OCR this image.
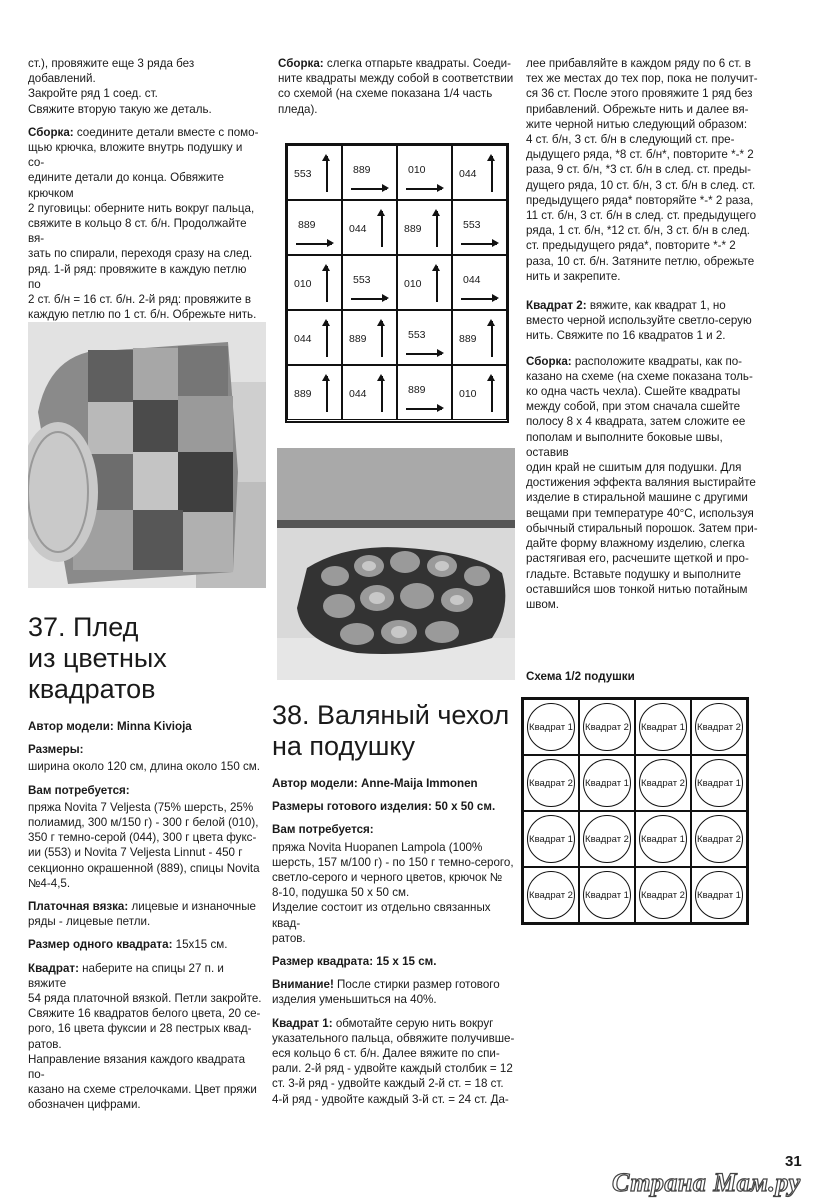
ст.), провяжите еще 3 ряда без добавлений.
Закройте ряд 1 соед. ст.
Свяжите вторую такую же деталь.

Сборка: соедините детали вместе с помо-
щью крючка, вложите внутрь подушку и со-
едините детали до конца. Обвяжите крючком
2 пуговицы: оберните нить вокруг пальца,
свяжите в кольцо 8 ст. б/н. Продолжайте вя-
зать по спирали, переходя сразу на след.
ряд. 1-й ряд: провяжите в каждую петлю по
2 ст. б/н = 16 ст. б/н. 2-й ряд: провяжите в
каждую петлю по 1 ст. б/н. Обрежьте нить.

37. Плед
из цветных
квадратов

Автор модели: Minna Kivioja

Размеры:

ширина около 120 см, длина около 150 см.

Вам потребуется:

пряжа Novita 7 Veljesta (75% шерсть, 25%
полиамид, 300 м/150 г) - 300 г белой (010),
350 г темно-серой (044), 300 г цвета фукс-
ии (553) и Novita 7 Veljesta Linnut - 450 г
секционно окрашенной (889), спицы Novita
№4-4,5.

Платочная вязка: лицевые и изнаночные
ряды - лицевые петли.

Размер одного квадрата: 15х15 см.

Квадрат: наберите на спицы 27 п. и вяжите
54 ряда платочной вязкой. Петли закройте.
Свяжите 16 квадратов белого цвета, 20 се-
рого, 16 цвета фуксии и 28 пестрых квад-
ратов.
Направление вязания каждого квадрата по-
казано на схеме стрелочками. Цвет пряжи
обозначен цифрами.

Сборка: слегка отпарьте квадраты. Соеди-
ните квадраты между собой в соответствии
со схемой (на схеме показана 1/4 часть
пледа).

553	889	010	044
889	044	889	553
010	553	010	044
044	889	553	889
889	044	889	010
38. Валяный чехол
на подушку

Автор модели: Anne-Maija Immonen

Размеры готового изделия: 50 х 50 см.

Вам потребуется:

пряжа Novita Huopanen Lampola (100%
шерсть, 157 м/100 г) - по 150 г темно-серого,
светло-серого и черного цветов, крючок №
8-10, подушка 50 х 50 см.
Изделие состоит из отдельно связанных квад-
ратов.

Размер квадрата: 15 х 15 см.

Внимание! После стирки размер готового
изделия уменьшиться на 40%.

Квадрат 1: обмотайте серую нить вокруг
указательного пальца, обвяжите получивше-
еся кольцо 6 ст. б/н. Далее вяжите по спи-
рали. 2-й ряд - удвойте каждый столбик = 12
ст. 3-й ряд - удвойте каждый 2-й ст. = 18 ст.
4-й ряд - удвойте каждый 3-й ст. = 24 ст. Да-

лее прибавляйте в каждом ряду по 6 ст. в
тех же местах до тех пор, пока не получит-
ся 36 ст. После этого провяжите 1 ряд без
прибавлений. Обрежьте нить и далее вя-
жите черной нитью следующий образом:
4 ст. б/н, 3 ст. б/н в следующий ст. пре-
дыдущего ряда, *8 ст. б/н*, повторите *-* 2
раза, 9 ст. б/н, *3 ст. б/н в след. ст. преды-
дущего ряда, 10 ст. б/н, 3 ст. б/н в след. ст.
предыдущего ряда* повторяйте *-* 2 раза,
11 ст. б/н, 3 ст. б/н в след. ст. предыдущего
ряда, 1 ст. б/н, *12 ст. б/н, 3 ст. б/н в след.
ст. предыдущего ряда*, повторите *-* 2
раза, 10 ст. б/н. Затяните петлю, обрежьте
нить и закрепите.

Квадрат 2: вяжите, как квадрат 1, но
вместо черной используйте светло-серую
нить. Свяжите по 16 квадратов 1 и 2.

Сборка: расположите квадраты, как по-
казано на схеме (на схеме показана толь-
ко одна часть чехла). Сшейте квадраты
между собой, при этом сначала сшейте
полосу 8 х 4 квадрата, затем сложите ее
пополам и выполните боковые швы, оставив
один край не сшитым для подушки. Для
достижения эффекта валяния выстирайте
изделие в стиральной машине с другими
вещами при температуре 40°С, используя
обычный стиральный порошок. Затем при-
дайте форму влажному изделию, слегка
растягивая его, расчешите щеткой и про-
гладьте. Вставьте подушку и выполните
оставшийся шов тонкой нитью потайным
швом.

Схема 1/2 подушки
Квадрат 1 Квадрат 2 Квадрат 1 Квадрат 2
Квадрат 2 Квадрат 1 Квадрат 2 Квадрат 1
Квадрат 1 Квадрат 2 Квадрат 1 Квадрат 2
Квадрат 2 Квадрат 1 Квадрат 2 Квадрат 1
31
Страна Мам.ру
